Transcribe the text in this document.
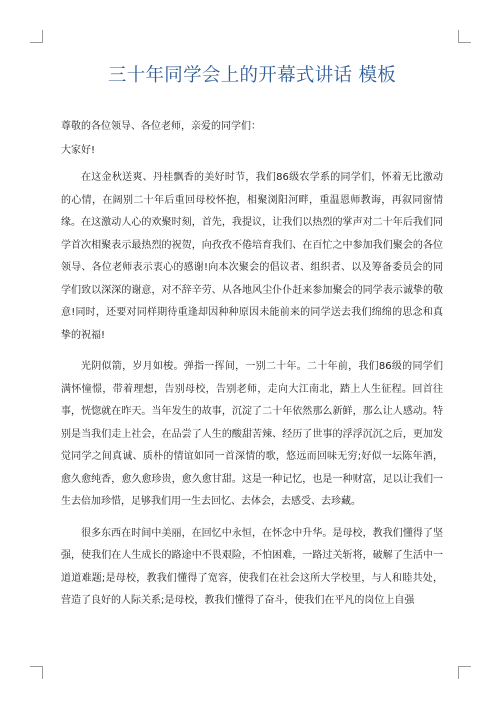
三十年同学会上的开幕式讲话 模板

尊敬的各位领导、各位老师，亲爱的同学们：

大家好!

在这金秋送爽、丹桂飘香的美好时节，我们86级农学系的同学们，怀着无比激动的心情，在阔别二十年后重回母校怀抱，相聚浏阳河畔，重温恩师教诲，再叙同窗情缘。在这激动人心的欢聚时刻，首先，我提议，让我们以热烈的掌声对二十年后我们同学首次相聚表示最热烈的祝贺，向孜孜不倦培育我们、在百忙之中参加我们聚会的各位领导、各位老师表示衷心的感谢!向本次聚会的倡议者、组织者、以及筹备委员会的同学们致以深深的谢意，对不辞辛劳、从各地风尘仆仆赶来参加聚会的同学表示诚挚的敬意!同时，还要对同样期待重逢却因种种原因未能前来的同学送去我们绵绵的思念和真挚的祝福!

光阴似箭，岁月如梭。弹指一挥间，一别二十年。二十年前，我们86级的同学们满怀憧憬，带着理想，告别母校，告别老师，走向大江南北，踏上人生征程。回首往事，恍惚就在昨天。当年发生的故事，沉淀了二十年依然那么新鲜，那么让人感动。特别是当我们走上社会，在品尝了人生的酸甜苦辣、经历了世事的浮浮沉沉之后，更加发觉同学之间真诚、质朴的情谊如同一首深情的歌，悠远而回味无穷;好似一坛陈年酒，愈久愈纯香，愈久愈珍贵，愈久愈甘甜。这是一种记忆，也是一种财富，足以让我们一生去倍加珍惜，足够我们用一生去回忆、去体会，去感受、去珍藏。

很多东西在时间中美丽，在回忆中永恒，在怀念中升华。是母校，教我们懂得了坚强，使我们在人生成长的路途中不畏艰险，不怕困难，一路过关斩将，破解了生活中一道道难题;是母校，教我们懂得了宽容，使我们在社会这所大学校里，与人和睦共处，营造了良好的人际关系;是母校，教我们懂得了奋斗，使我们在平凡的岗位上自强
